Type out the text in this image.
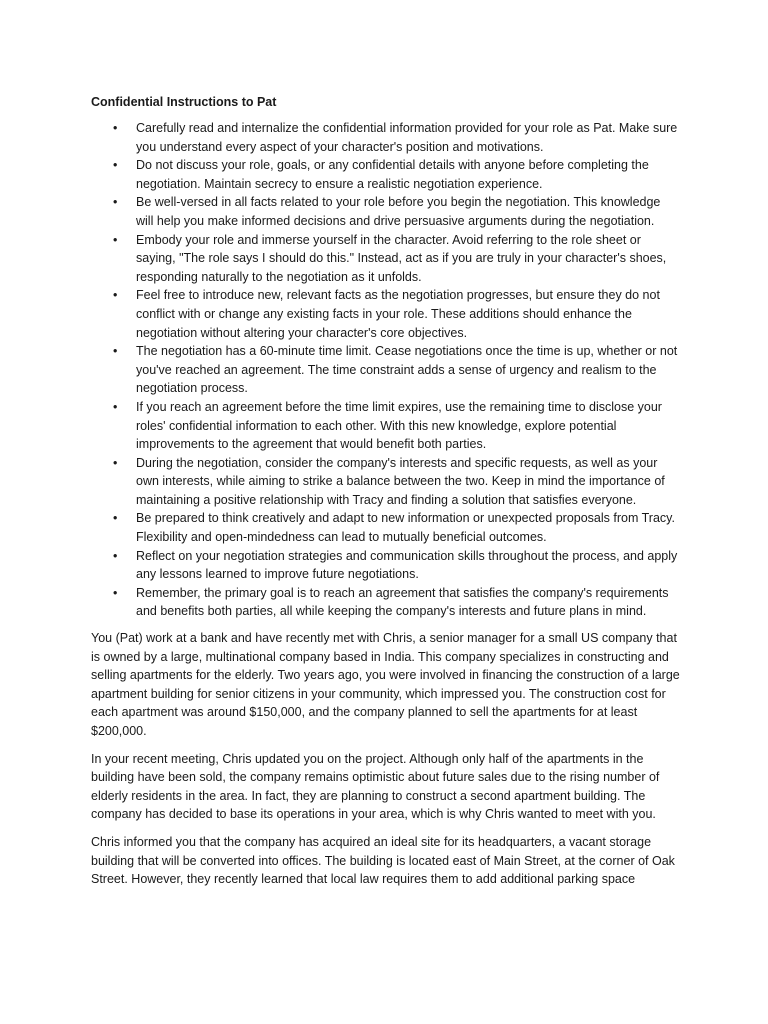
Confidential Instructions to Pat
• Carefully read and internalize the confidential information provided for your role as Pat. Make sure you understand every aspect of your character's position and motivations.
• Do not discuss your role, goals, or any confidential details with anyone before completing the negotiation. Maintain secrecy to ensure a realistic negotiation experience.
• Be well-versed in all facts related to your role before you begin the negotiation. This knowledge will help you make informed decisions and drive persuasive arguments during the negotiation.
• Embody your role and immerse yourself in the character. Avoid referring to the role sheet or saying, "The role says I should do this." Instead, act as if you are truly in your character's shoes, responding naturally to the negotiation as it unfolds.
• Feel free to introduce new, relevant facts as the negotiation progresses, but ensure they do not conflict with or change any existing facts in your role. These additions should enhance the negotiation without altering your character's core objectives.
• The negotiation has a 60-minute time limit. Cease negotiations once the time is up, whether or not you've reached an agreement. The time constraint adds a sense of urgency and realism to the negotiation process.
• If you reach an agreement before the time limit expires, use the remaining time to disclose your roles' confidential information to each other. With this new knowledge, explore potential improvements to the agreement that would benefit both parties.
• During the negotiation, consider the company's interests and specific requests, as well as your own interests, while aiming to strike a balance between the two. Keep in mind the importance of maintaining a positive relationship with Tracy and finding a solution that satisfies everyone.
• Be prepared to think creatively and adapt to new information or unexpected proposals from Tracy. Flexibility and open-mindedness can lead to mutually beneficial outcomes.
• Reflect on your negotiation strategies and communication skills throughout the process, and apply any lessons learned to improve future negotiations.
• Remember, the primary goal is to reach an agreement that satisfies the company's requirements and benefits both parties, all while keeping the company's interests and future plans in mind.

You (Pat) work at a bank and have recently met with Chris, a senior manager for a small US company that is owned by a large, multinational company based in India. This company specializes in constructing and selling apartments for the elderly. Two years ago, you were involved in financing the construction of a large apartment building for senior citizens in your community, which impressed you. The construction cost for each apartment was around $150,000, and the company planned to sell the apartments for at least $200,000.

In your recent meeting, Chris updated you on the project. Although only half of the apartments in the building have been sold, the company remains optimistic about future sales due to the rising number of elderly residents in the area. In fact, they are planning to construct a second apartment building. The company has decided to base its operations in your area, which is why Chris wanted to meet with you.

Chris informed you that the company has acquired an ideal site for its headquarters, a vacant storage building that will be converted into offices. The building is located east of Main Street, at the corner of Oak Street. However, they recently learned that local law requires them to add additional parking space
